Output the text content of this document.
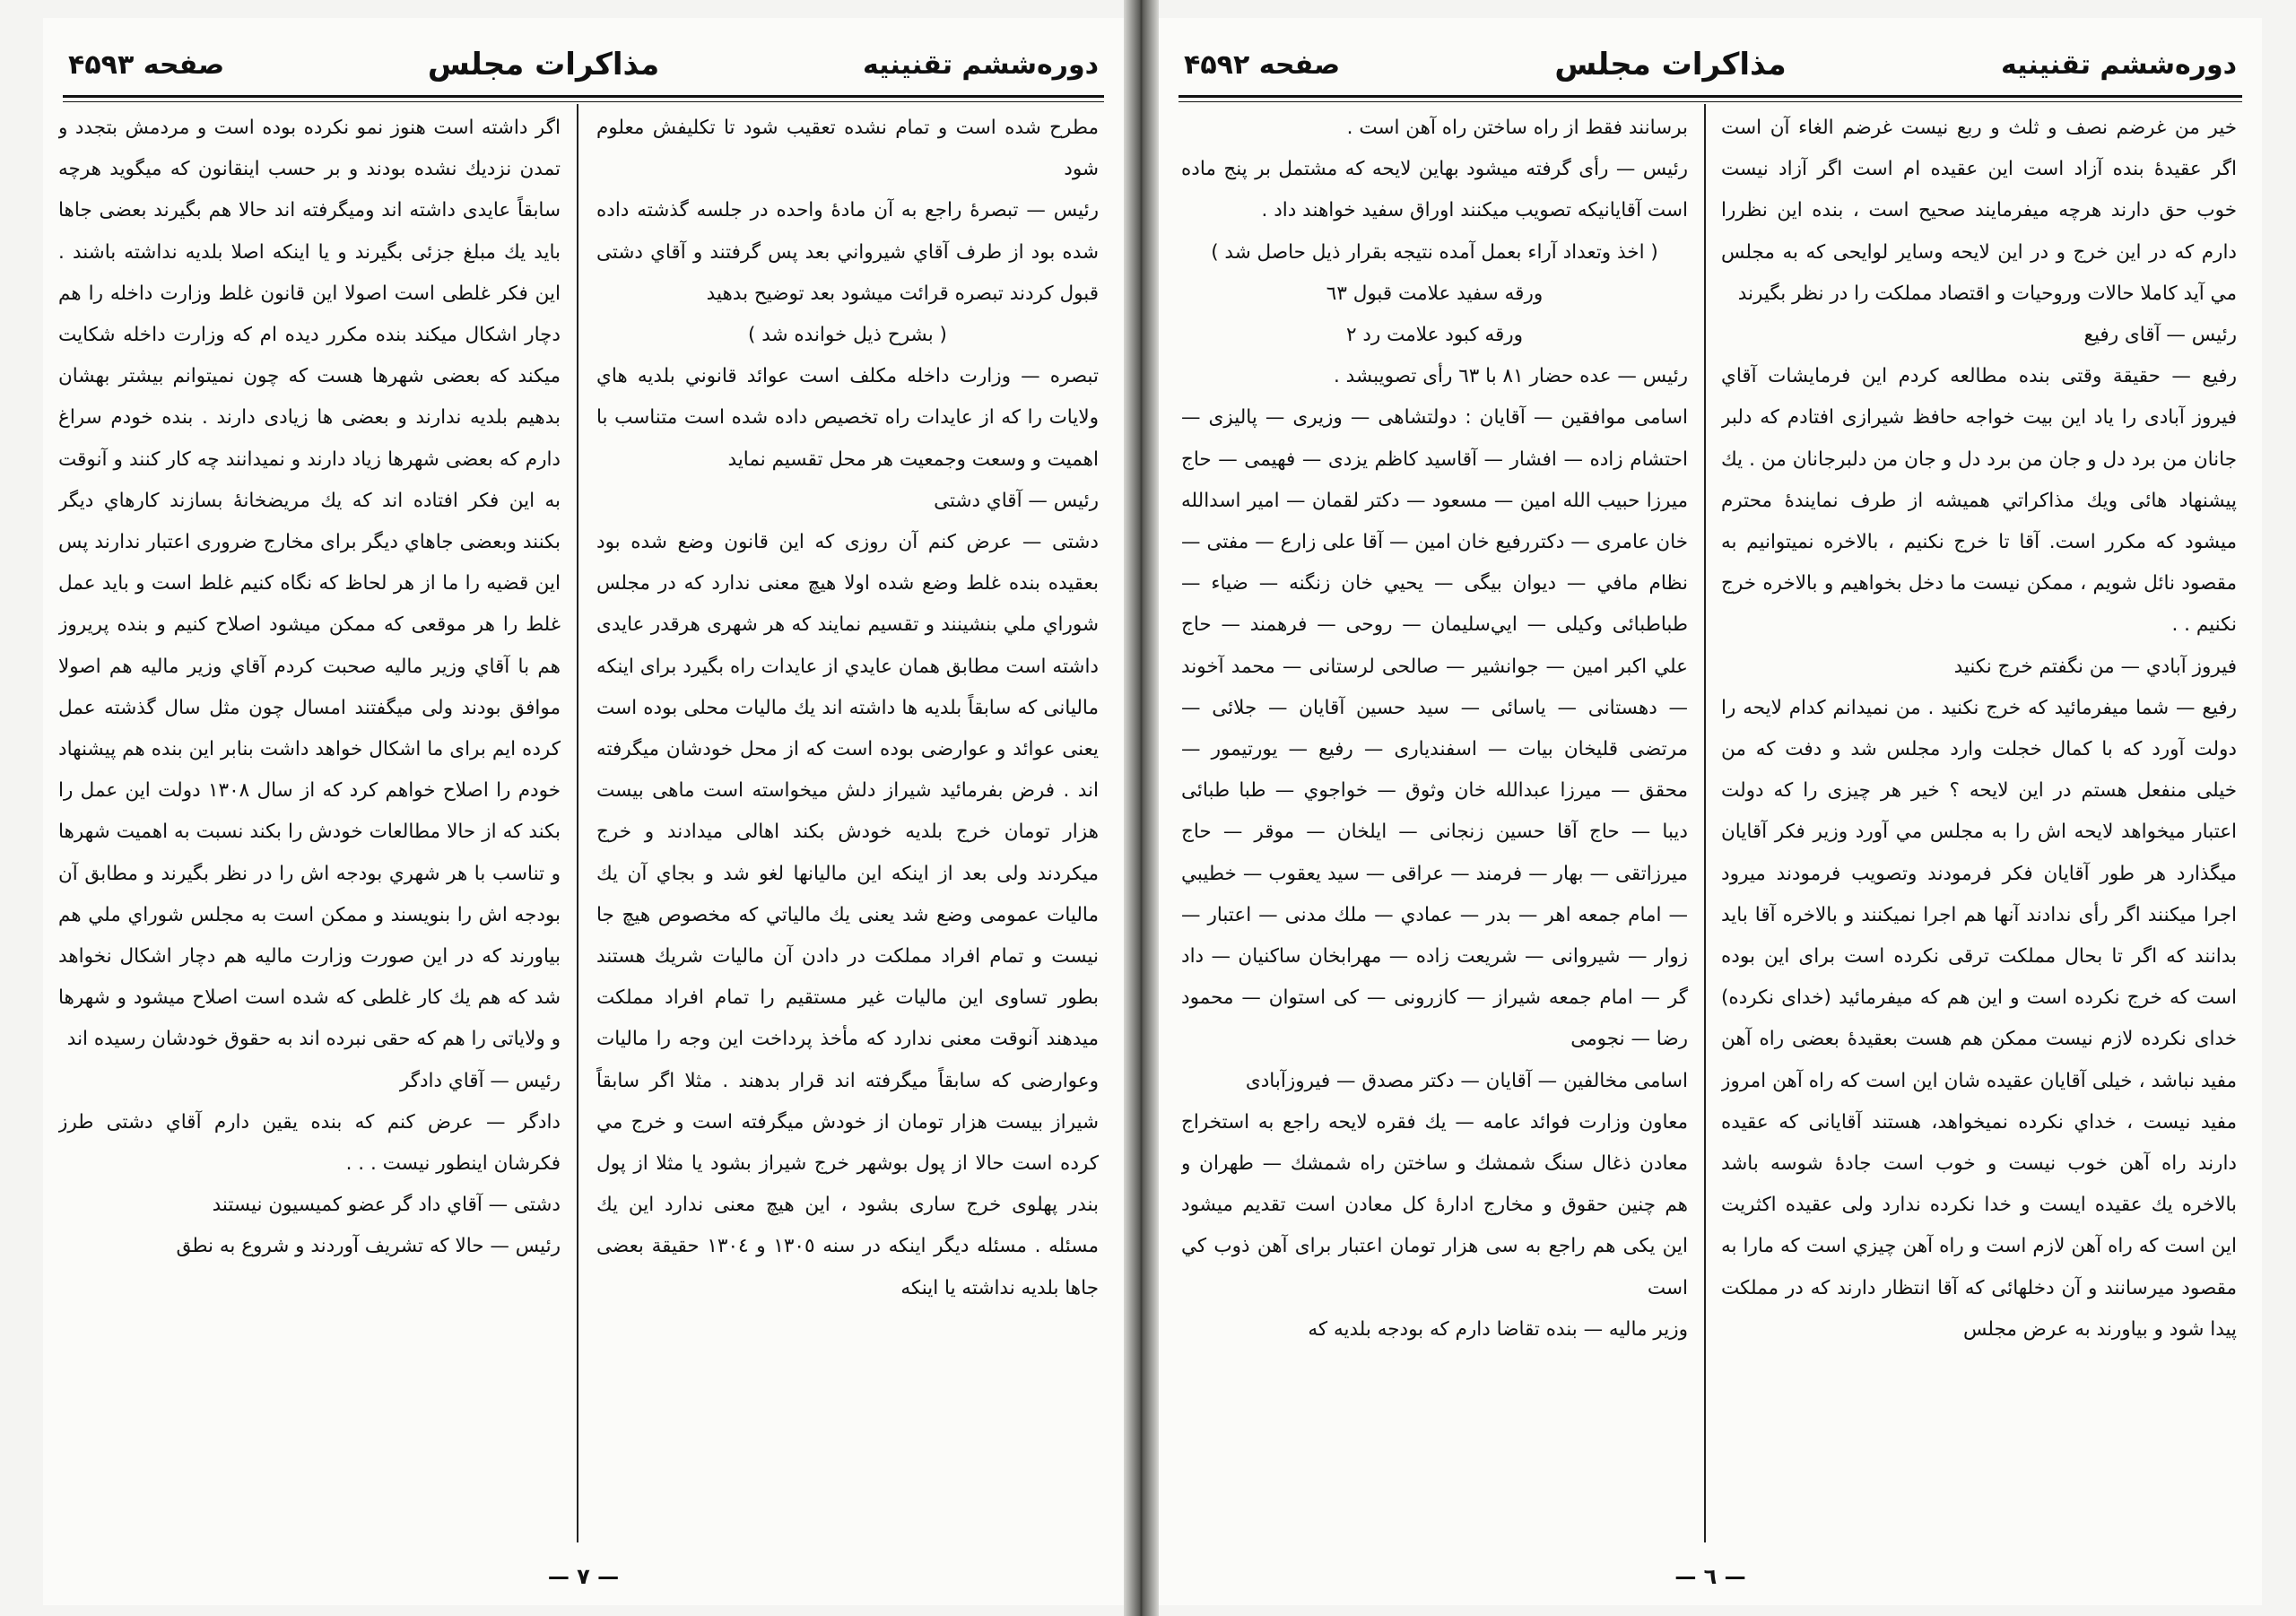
دوره‌ششم تقنينيه
مذاكرات مجلس
صفحه ۴۵۹۳

مطرح شده است و تمام نشده تعقيب شود تا تكليفش معلوم شود

رئيس — تبصرهٔ راجع به آن مادهٔ واحده در جلسه گذشته داده شده بود از طرف آقاي شيرواني بعد پس گرفتند و آقاي دشتى قبول كردند تبصره قرائت ميشود بعد توضيح بدهيد

( بشرح ذيل خوانده شد )

تبصره — وزارت داخله مكلف است عوائد قانوني بلديه هاي ولايات را كه از عايدات راه تخصيص داده شده است متناسب با اهميت و وسعت وجمعيت هر محل تقسيم نمايد

رئيس — آقاي دشتى

دشتى — عرض كنم آن روزى كه اين قانون وضع شده بود بعقيده بنده غلط وضع شده اولا هيچ معنى ندارد كه در مجلس شوراي ملي بنشينند و تقسيم نمايند كه هر شهرى هرقدر عايدى داشته است مطابق همان عايدي از عايدات راه بگيرد براى اينكه ماليانى كه سابقاً بلديه ها داشته اند يك ماليات محلى بوده است يعنى عوائد و عوارضى بوده است كه از محل خودشان ميگرفته اند . فرض بفرمائيد شيراز دلش ميخواسته است ماهى بيست هزار تومان خرج بلديه خودش بكند اهالى ميدادند و خرج ميكردند ولى بعد از اينكه اين ماليانها لغو شد و بجاي آن يك ماليات عمومى وضع شد يعنى يك مالياتي كه مخصوص هيچ جا نيست و تمام افراد مملكت در دادن آن ماليات شريك هستند بطور تساوى اين ماليات غير مستقيم را تمام افراد مملكت ميدهند آنوقت معنى ندارد كه مأخذ پرداخت اين وجه را ماليات وعوارضى كه سابقاً ميگرفته اند قرار بدهند . مثلا اگر سابقاً شيراز بيست هزار تومان از خودش ميگرفته است و خرج مي كرده است حالا از پول بوشهر خرج شيراز بشود يا مثلا از پول بندر پهلوى خرج سارى بشود ، اين هيچ معنى ندارد اين يك مسئله . مسئله ديگر اينكه در سنه ١٣٠٥ و ١٣٠٤ حقيقة بعضى جاها بلديه نداشته يا اينكه

اگر داشته است هنوز نمو نكرده بوده است و مردمش بتجدد و تمدن نزديك نشده بودند و بر حسب اينقانون كه ميگويد هرچه سابقاً عايدى داشته اند وميگرفته اند حالا هم بگيرند بعضى جاها بايد يك مبلغ جزئى بگيرند و يا اينكه اصلا بلديه نداشته باشند . اين فكر غلطى است اصولا اين قانون غلط وزارت داخله را هم دچار اشكال ميكند بنده مكرر ديده ام كه وزارت داخله شكايت ميكند كه بعضى شهرها هست كه چون نميتوانم بيشتر بهشان بدهيم بلديه ندارند و بعضى ها زيادى دارند . بنده خودم سراغ دارم كه بعضى شهرها زياد دارند و نميدانند چه كار كنند و آنوقت به اين فكر افتاده اند كه يك مريضخانهٔ بسازند كارهاي ديگر بكنند وبعضى جاهاي ديگر براى مخارج ضرورى اعتبار ندارند پس اين قضيه را ما از هر لحاظ كه نگاه كنيم غلط است و بايد عمل غلط را هر موقعى كه ممكن ميشود اصلاح كنيم و بنده پريروز هم با آقاي وزير ماليه صحبت كردم آقاي وزير ماليه هم اصولا موافق بودند ولى ميگفتند امسال چون مثل سال گذشته عمل كرده ايم براى ما اشكال خواهد داشت بنابر اين بنده هم پيشنهاد خودم را اصلاح خواهم كرد كه از سال ١٣٠٨ دولت اين عمل را بكند كه از حالا مطالعات خودش را بكند نسبت به اهميت شهرها و تناسب با هر شهري بودجه اش را در نظر بگيرند و مطابق آن بودجه اش را بنويسند و ممكن است به مجلس شوراي ملي هم بياورند كه در اين صورت وزارت ماليه هم دچار اشكال نخواهد شد كه هم يك كار غلطى كه شده است اصلاح ميشود و شهرها و ولاياتى را هم كه حقى نبرده اند به حقوق خودشان رسيده اند

رئيس — آقاي دادگر

دادگر — عرض كنم كه بنده يقين دارم آقاي دشتى طرز فكرشان اينطور نيست . . .

دشتى — آقاي داد گر عضو كميسيون نيستند

رئيس — حالا كه تشريف آوردند و شروع به نطق

— ٧ —
دوره‌ششم تقنينيه
مذاكرات مجلس
صفحه ۴۵۹۲

خير من غرضم نصف و ثلث و ربع نيست غرضم الغاء آن است اگر عقيدهٔ بنده آزاد است اين عقيده ام است اگر آزاد نيست خوب حق دارند هرچه ميفرمايند صحيح است ، بنده اين نظررا دارم كه در اين خرج و در اين لايحه وساير لوايحى كه به مجلس مي آيد كاملا حالات وروحيات و اقتصاد مملكت را در نظر بگيرند

رئيس — آقاى رفيع

رفيع — حقيقة وقتى بنده مطالعه كردم اين فرمايشات آقاي فيروز آبادى را ياد اين بيت خواجه حافظ شيرازى افتادم كه دلبر جانان من برد دل و جان من برد دل و جان من دلبرجانان من . يك پيشنهاد هائى ويك مذاكراتي هميشه از طرف نمايندهٔ محترم ميشود كه مكرر است. آقا تا خرج نكنيم ، بالاخره نميتوانيم به مقصود نائل شويم ، ممكن نيست ما دخل بخواهيم و بالاخره خرج نكنيم . .

فيروز آبادي — من نگفتم خرج نكنيد

رفيع — شما ميفرمائيد كه خرج نكنيد . من نميدانم كدام لايحه را دولت آورد كه با كمال خجلت وارد مجلس شد و دفت كه من خيلى منفعل هستم در اين لايحه ؟ خير هر چيزى را كه دولت اعتبار ميخواهد لايحه اش را به مجلس مي آورد وزير فكر آقايان ميگذارد هر طور آقايان فكر فرمودند وتصويب فرمودند ميرود اجرا ميكنند اگر رأى ندادند آنها هم اجرا نميكنند و بالاخره آقا بايد بدانند كه اگر تا بحال مملكت ترقى نكرده است براى اين بوده است كه خرج نكرده است و اين هم كه ميفرمائيد (خداى نكرده) خداى نكرده لازم نيست ممكن هم هست بعقيدهٔ بعضى راه آهن مفيد نباشد ، خيلى آقايان عقيده شان اين است كه راه آهن امروز مفيد نيست ، خداي نكرده نميخواهد، هستند آقايانى كه عقيده دارند راه آهن خوب نيست و خوب است جادهٔ شوسه باشد بالاخره يك عقيده ايست و خدا نكرده ندارد ولى عقيده اكثريت اين است كه راه آهن لازم است و راه آهن چيزي است كه مارا به مقصود ميرسانند و آن دخلهائى كه آقا انتظار دارند كه در مملكت پيدا شود و بياورند به عرض مجلس

برسانند فقط از راه ساختن راه آهن است .

رئيس — رأى گرفته ميشود بهاين لايحه كه مشتمل بر پنج ماده است آقايانيكه تصويب ميكنند اوراق سفيد خواهند داد .

( اخذ وتعداد آراء بعمل آمده نتيجه بقرار ذيل حاصل شد )

ورقه سفيد علامت قبول ٦٣

ورقه كبود علامت رد ٢

رئيس — عده حضار ٨١ با ٦٣ رأى تصويبشد .

اسامى موافقين — آقايان : دولتشاهى — وزيرى — پاليزى — احتشام زاده — افشار — آقاسيد كاظم يزدى — فهيمى — حاج ميرزا حبيب الله امين — مسعود — دكتر لقمان — امير اسدالله خان عامرى — دكتررفيع خان امين — آقا على زارع — مفتى — نظام مافي — ديوان بيگى — يحيي خان زنگنه — ضياء — طباطبائى وكيلى — ايي‌سليمان — روحى — فرهمند — حاج علي اكبر امين — جوانشير — صالحى لرستانى — محمد آخوند — دهستانى — ياسائى — سيد حسين آقايان — جلائى — مرتضى قليخان بيات — اسفنديارى — رفيع — يورتيمور — محقق — ميرزا عبدالله خان وثوق — خواجوي — طبا طبائى ديبا — حاج آقا حسين زنجانى — ايلخان — موقر — حاج ميرزاتقى — بهار — فرمند — عراقى — سيد يعقوب — خطيبي — امام جمعه اهر — بدر — عمادي — ملك مدنى — اعتبار — زوار — شيروانى — شريعت زاده — مهرابخان ساكنيان — داد گر — امام جمعه شيراز — كازرونى — كى استوان — محمود رضا — نجومى

اسامى مخالفين — آقايان — دكتر مصدق — فيروزآبادى

معاون وزارت فوائد عامه — يك فقره لايحه راجع به استخراج معادن ذغال سنگ شمشك و ساختن راه شمشك — طهران و هم چنين حقوق و مخارج ادارهٔ كل معادن است تقديم ميشود اين يكى هم راجع به سى هزار تومان اعتبار براى آهن ذوب كي است

وزير ماليه — بنده تقاضا دارم كه بودجه بلديه كه

— ٦ —
